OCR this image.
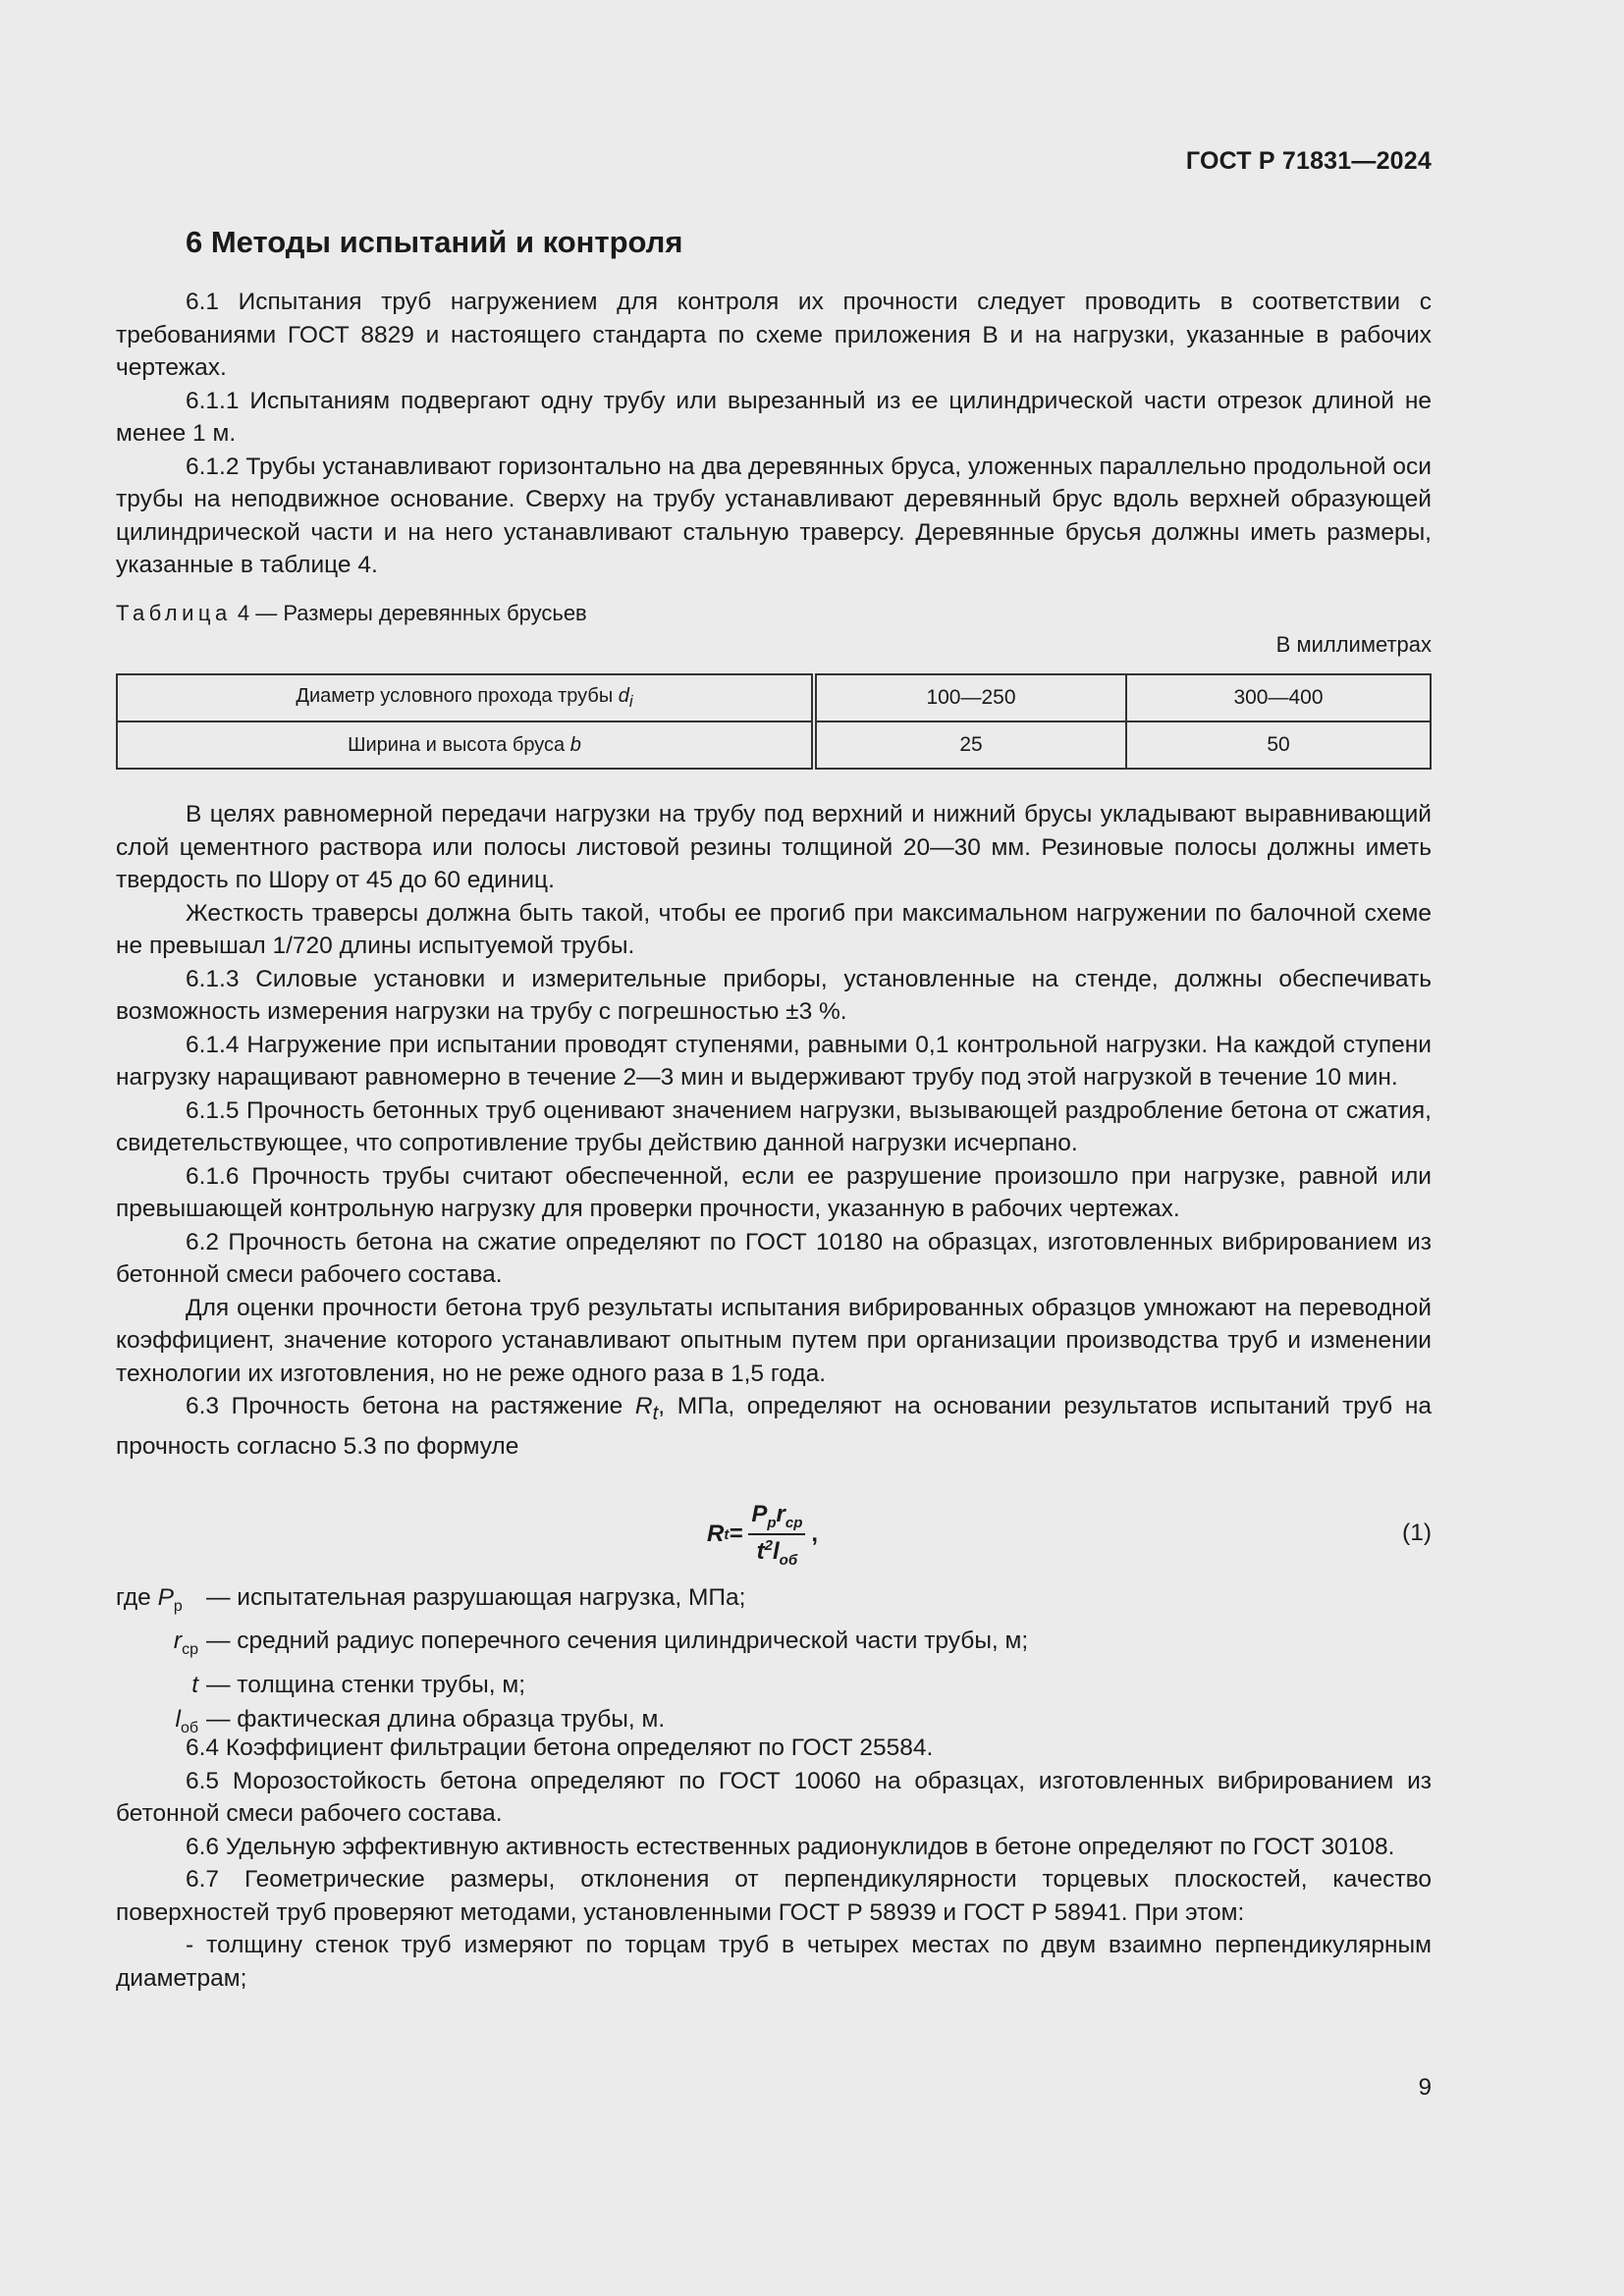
ГОСТ Р 71831—2024
6 Методы испытаний и контроля

6.1 Испытания труб нагружением для контроля их прочности следует проводить в соответствии с требованиями ГОСТ 8829 и настоящего стандарта по схеме приложения В и на нагрузки, указанные в рабочих чертежах.

6.1.1 Испытаниям подвергают одну трубу или вырезанный из ее цилиндрической части отрезок длиной не менее 1 м.

6.1.2 Трубы устанавливают горизонтально на два деревянных бруса, уложенных параллельно продольной оси трубы на неподвижное основание. Сверху на трубу устанавливают деревянный брус вдоль верхней образующей цилиндрической части и на него устанавливают стальную траверсу. Деревянные брусья должны иметь размеры, указанные в таблице 4.

Таблица 4 — Размеры деревянных брусьев
В миллиметрах
Диаметр условного прохода трубы $d_i$	100—250	300—400
Ширина и высота бруса b	25	50

В целях равномерной передачи нагрузки на трубу под верхний и нижний брусы укладывают выравнивающий слой цементного раствора или полосы листовой резины толщиной 20—30 мм. Резиновые полосы должны иметь твердость по Шору от 45 до 60 единиц.

Жесткость траверсы должна быть такой, чтобы ее прогиб при максимальном нагружении по балочной схеме не превышал 1/720 длины испытуемой трубы.

6.1.3 Силовые установки и измерительные приборы, установленные на стенде, должны обеспечивать возможность измерения нагрузки на трубу с погрешностью ±3 %.

6.1.4 Нагружение при испытании проводят ступенями, равными 0,1 контрольной нагрузки. На каждой ступени нагрузку наращивают равномерно в течение 2—3 мин и выдерживают трубу под этой нагрузкой в течение 10 мин.

6.1.5 Прочность бетонных труб оценивают значением нагрузки, вызывающей раздробление бетона от сжатия, свидетельствующее, что сопротивление трубы действию данной нагрузки исчерпано.

6.1.6 Прочность трубы считают обеспеченной, если ее разрушение произошло при нагрузке, равной или превышающей контрольную нагрузку для проверки прочности, указанную в рабочих чертежах.

6.2 Прочность бетона на сжатие определяют по ГОСТ 10180 на образцах, изготовленных вибрированием из бетонной смеси рабочего состава.

Для оценки прочности бетона труб результаты испытания вибрированных образцов умножают на переводной коэффициент, значение которого устанавливают опытным путем при организации производства труб и изменении технологии их изготовления, но не реже одного раза в 1,5 года.

6.3 Прочность бетона на растяжение $R_t$, МПа, определяют на основании результатов испытаний труб на прочность согласно 5.3 по формуле

R $t = \frac{P_pr_{cp}}{t^2l_{об}}$ ,	(1)
где $P_р$ — испытательная разрушающая нагрузка, МПа;
$r_{ср}$ — средний радиус поперечного сечения цилиндрической части трубы, м;
t — толщина стенки трубы, м;
$l_{об}$ — фактическая длина образца трубы, м.

6.4 Коэффициент фильтрации бетона определяют по ГОСТ 25584.

6.5 Морозостойкость бетона определяют по ГОСТ 10060 на образцах, изготовленных вибрированием из бетонной смеси рабочего состава.

6.6 Удельную эффективную активность естественных радионуклидов в бетоне определяют по ГОСТ 30108.

6.7 Геометрические размеры, отклонения от перпендикулярности торцевых плоскостей, качество поверхностей труб проверяют методами, установленными ГОСТ Р 58939 и ГОСТ Р 58941. При этом:

- толщину стенок труб измеряют по торцам труб в четырех местах по двум взаимно перпендикулярным диаметрам;

9
